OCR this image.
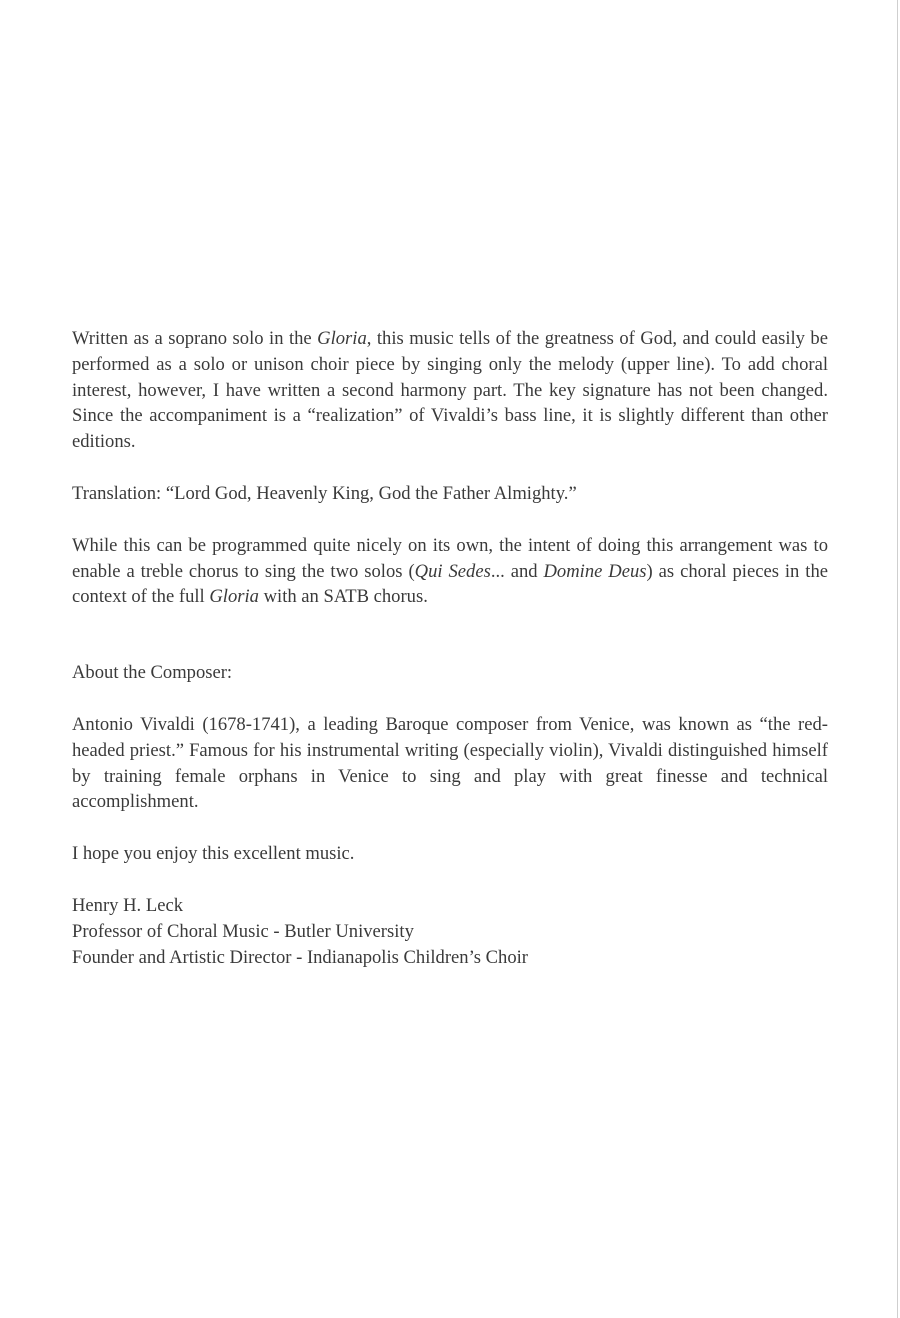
Written as a soprano solo in the Gloria, this music tells of the greatness of God, and could easily be performed as a solo or unison choir piece by singing only the melody (upper line). To add choral interest, however, I have written a second harmony part. The key signature has not been changed. Since the accompaniment is a “realization” of Vivaldi’s bass line, it is slightly different than other editions.

Translation: “Lord God, Heavenly King, God the Father Almighty.”

While this can be programmed quite nicely on its own, the intent of doing this arrangement was to enable a treble chorus to sing the two solos (Qui Sedes... and Domine Deus) as choral pieces in the context of the full Gloria with an SATB chorus.

About the Composer:

Antonio Vivaldi (1678-1741), a leading Baroque composer from Venice, was known as “the red-headed priest.” Famous for his instrumental writing (especially violin), Vivaldi distinguished himself by training female orphans in Venice to sing and play with great finesse and technical accomplishment.

I hope you enjoy this excellent music.

Henry H. Leck

Professor of Choral Music - Butler University

Founder and Artistic Director - Indianapolis Children’s Choir
